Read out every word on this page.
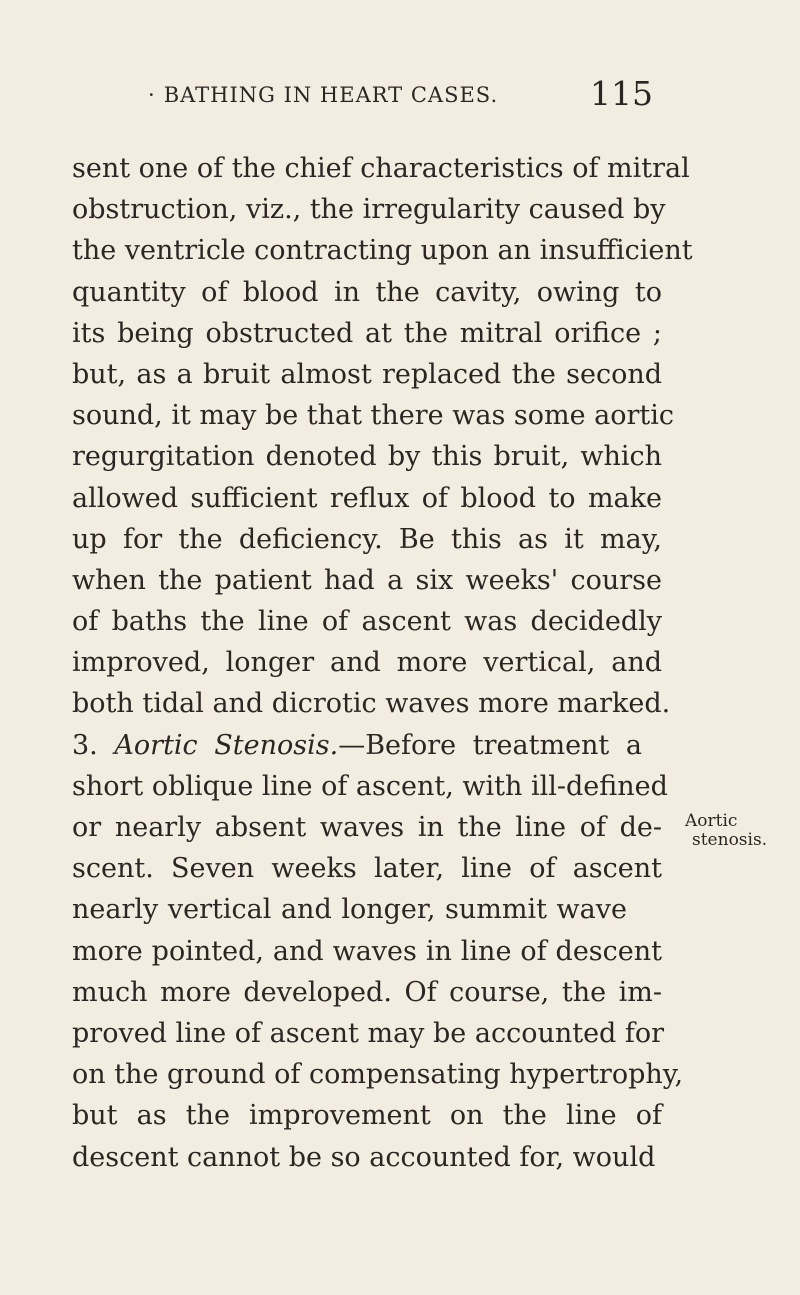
· BATHING IN HEART CASES.	115
sent one of the chief characteristics of mitral
obstruction, viz., the irregularity caused by
the ventricle contracting upon an insufficient
quantity of blood in the cavity, owing to
its being obstructed at the mitral orifice ;
but, as a bruit almost replaced the second
sound, it may be that there was some aortic
regurgitation denoted by this bruit, which
allowed sufficient reflux of blood to make
up for the deficiency. Be this as it may,
when the patient had a six weeks' course
of baths the line of ascent was decidedly
improved, longer and more vertical, and
both tidal and dicrotic waves more marked.
3. Aortic Stenosis.—Before treatment a
short oblique line of ascent, with ill-defined
or nearly absent waves in the line of de-
scent. Seven weeks later, line of ascent
nearly vertical and longer, summit wave
more pointed, and waves in line of descent
much more developed. Of course, the im-
proved line of ascent may be accounted for
on the ground of compensating hypertrophy,
but as the improvement on the line of
descent cannot be so accounted for, would
Aortic
stenosis.
